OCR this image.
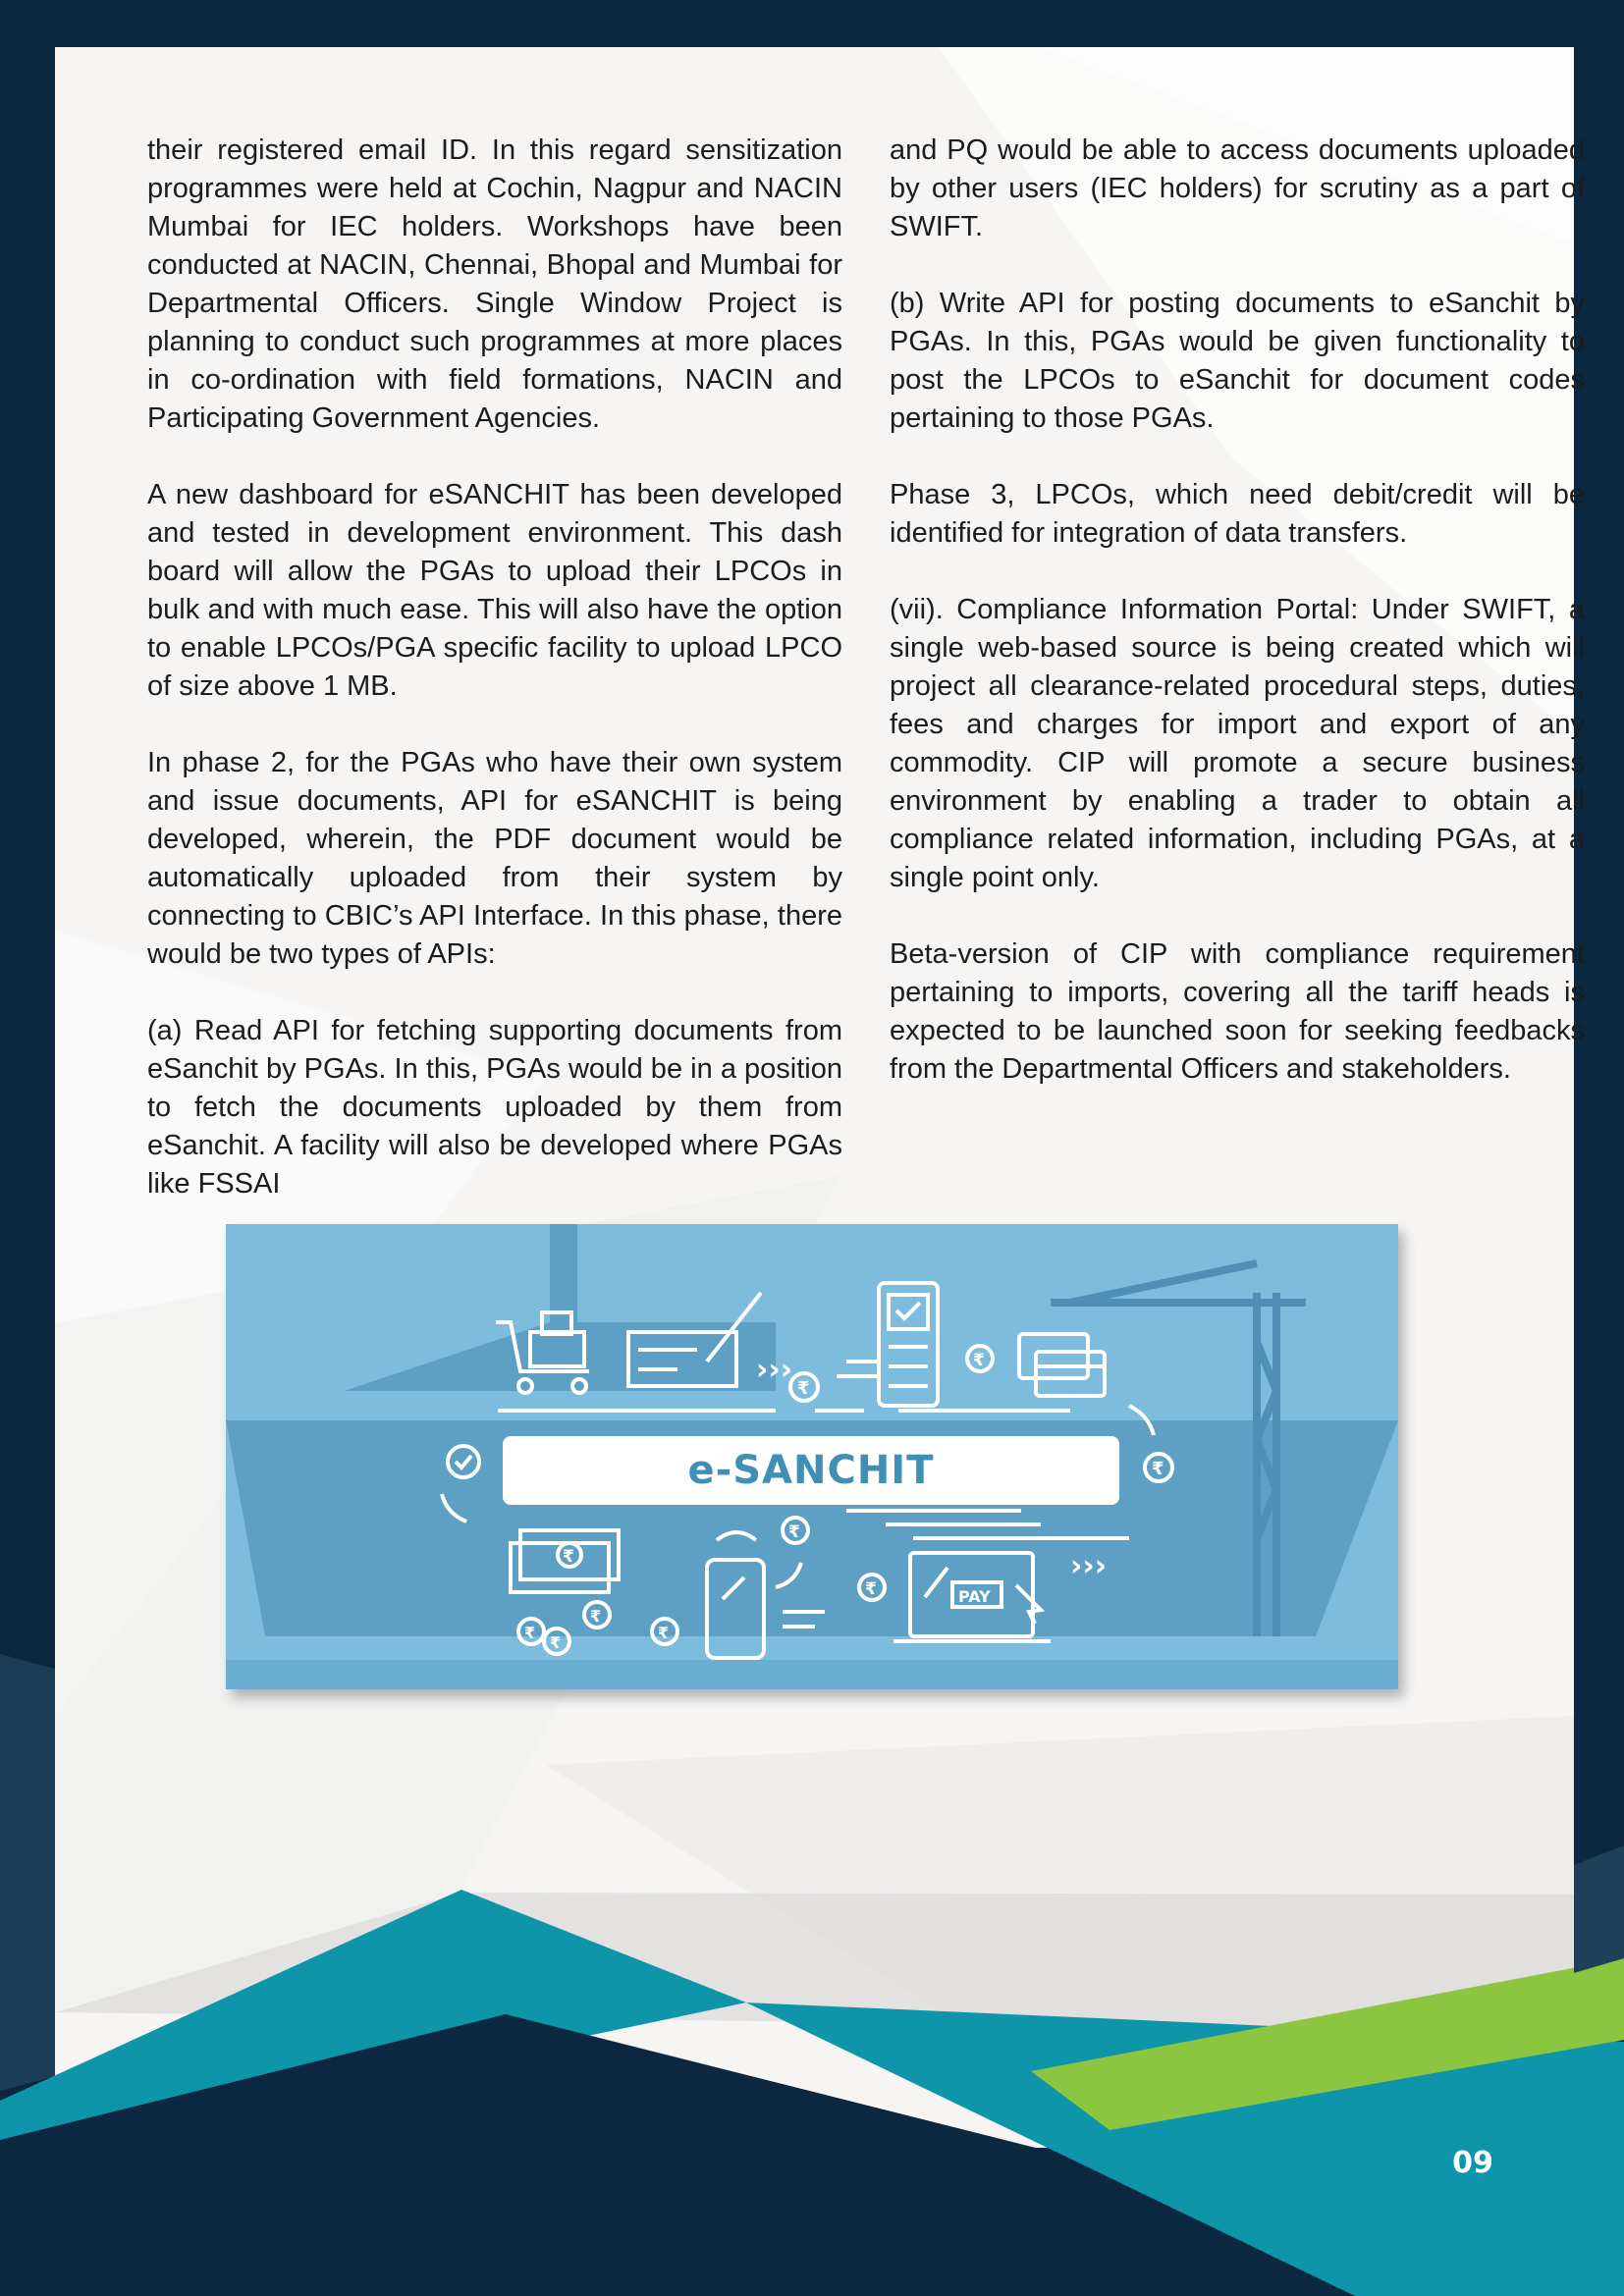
their registered email ID. In this regard sensitization programmes were held at Cochin, Nagpur and NACIN Mumbai for IEC holders. Workshops have been conducted at NACIN, Chennai, Bhopal and Mumbai for Departmental Officers. Single Window Project is planning to conduct such programmes at more places in co-ordination with field formations, NACIN and Participating Government Agencies.

A new dashboard for eSANCHIT has been developed and tested in development environment. This dash board will allow the PGAs to upload their LPCOs in bulk and with much ease. This will also have the option to enable LPCOs/PGA specific facility to upload LPCO of size above 1 MB.

In phase 2, for the PGAs who have their own system and issue documents, API for eSANCHIT is being developed, wherein, the PDF document would be automatically uploaded from their system by connecting to CBIC’s API Interface. In this phase, there would be two types of APIs:

(a) Read API for fetching supporting documents from eSanchit by PGAs. In this, PGAs would be in a position to fetch the documents uploaded by them from eSanchit. A facility will also be developed where PGAs like FSSAI

and PQ would be able to access documents uploaded by other users (IEC holders) for scrutiny as a part of SWIFT.

(b) Write API for posting documents to eSanchit by PGAs. In this, PGAs would be given functionality to post the LPCOs to eSanchit for document codes pertaining to those PGAs.

Phase 3, LPCOs, which need debit/credit will be identified for integration of data transfers.

(vii). Compliance Information Portal: Under SWIFT, a single web-based source is being created which will project all clearance-related procedural steps, duties, fees and charges for import and export of any commodity. CIP will promote a secure business environment by enabling a trader to obtain all compliance related information, including PGAs, at a single point only.

Beta-version of CIP with compliance requirement pertaining to imports, covering all the tariff heads is expected to be launched soon for seeking feedbacks from the Departmental Officers and stakeholders.

₹
₹
₹
₹
₹
₹
₹
₹
₹
₹
PAY
›››
›››
e-SANCHIT
09
